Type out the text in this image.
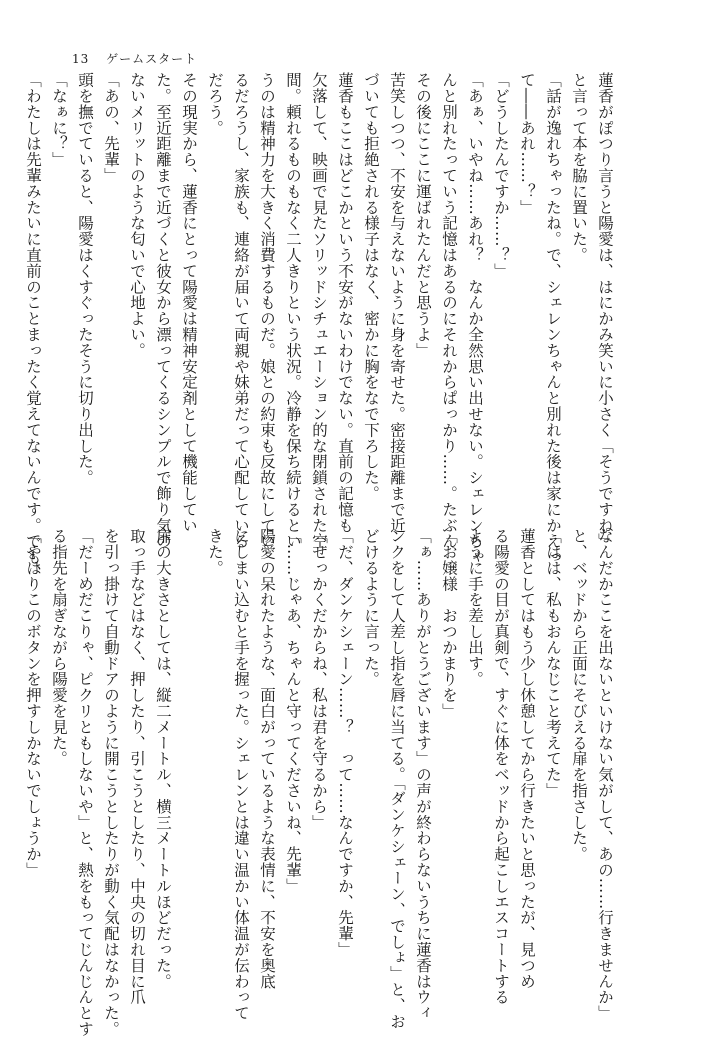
13 ゲームスタート
蓮香がぽつり言うと陽愛は、はにかみ笑いに小さく「そうですね」
と言って本を脇に置いた。
「話が逸れちゃったね。で、シェレンちゃんと別れた後は家にかえっ
て――あれ……？」
「どうしたんですか……？」
「あぁ、いやね……あれ？　なんか全然思い出せない。シェレンちゃ
んと別れたっていう記憶はあるのにそれからぱっかり……。たぶん
その後にここに運ばれたんだと思うよ」
苦笑しつつ、不安を与えないように身を寄せた。密接距離まで近
づいても拒絶される様子はなく、密かに胸をなで下ろした。
蓮香もここはどこかという不安がないわけでない。直前の記憶も
欠落して、映画で見たソリッドシチュエーション的な閉鎖された空
間。頼れるものもなく二人きりという状況。冷静を保ち続けるとい
うのは精神力を大きく消費するものだ。娘との約束も反故にしてい
るだろうし、家族も、連絡が届いて両親や妹弟だって心配している
だろう。
その現実から、蓮香にとって陽愛は精神安定剤として機能してい
た。至近距離まで近づくと彼女から漂ってくるシンプルで飾り気の
ないメリットのような匂いで心地よい。
「あの、先輩」
頭を撫でていると、陽愛はくすぐったそうに切り出した。
「なぁに？」
「わたしは先輩みたいに直前のことまったく覚えてないんです。でも、
なんだかここを出ないといけない気がして、あの……行きませんか」
と、ベッドから正面にそびえる扉を指さした。
「はは、私もおんなじこと考えてた」
蓮香としてはもう少し休憩してから行きたいと思ったが、見つめ
る陽愛の目が真剣で、すぐに体をベッドから起こしエスコートする
ように手を差し出す。
「お嬢様　おつかまりを」
「ぁ……ありがとうございます」の声が終わらないうちに蓮香はウィ
ンクをして人差し指を唇に当てる。「ダンケシェーン、でしょ」と、お
どけるように言った。
「だ、ダンケシェーン……？　って……なんですか、先輩」
「せっかくだからね、私は君を守るから」
「……じゃあ、ちゃんと守ってくださいね、先輩」
陽愛の呆れたような、面白がっているような表情に、不安を奥底
にしまい込むと手を握った。シェレンとは違い温かい体温が伝わって
きた。

扉の大きさとしては、縦二メートル、横三メートルほどだった。
取っ手などはなく、押したり、引こうとしたり、中央の切れ目に爪
を引っ掛けて自動ドアのように開こうとしたりが動く気配はなかった。
「だーめだこりゃ、ピクリともしないや」と、熱をもってじんじんとす
る指先を扇ぎながら陽愛を見た。
「やはりこのボタンを押すしかないでしょうか」
